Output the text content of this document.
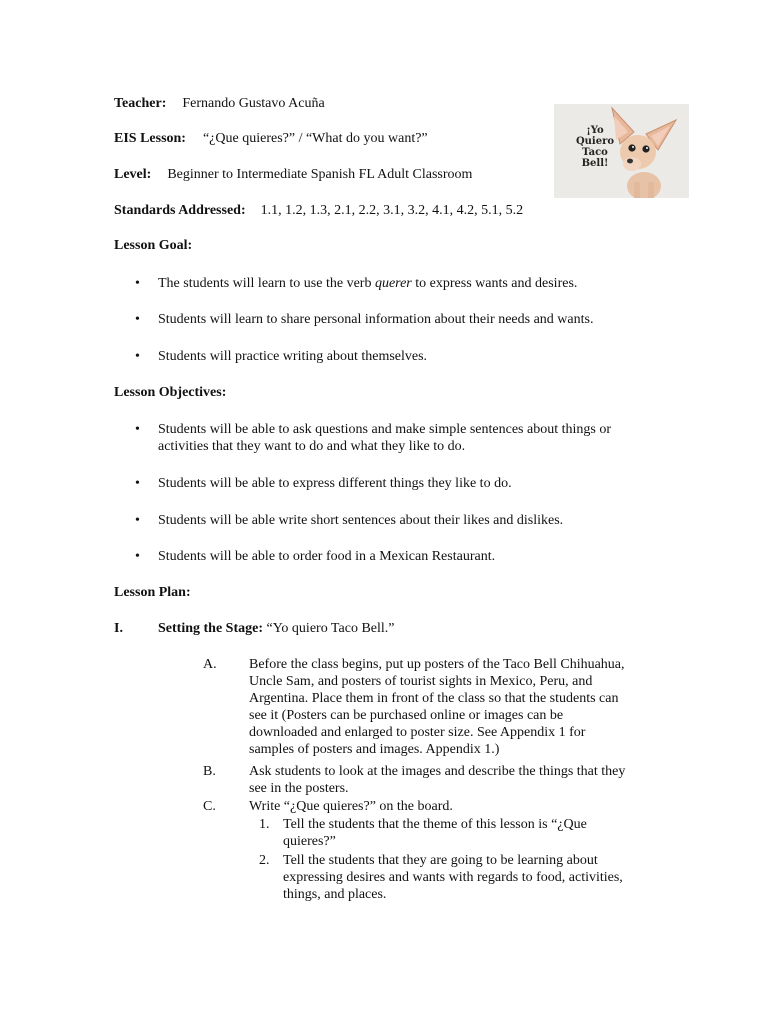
Teacher: Fernando Gustavo Acuña
EIS Lesson: “¿Que quieres?” / “What do you want?”
Level: Beginner to Intermediate Spanish FL Adult Classroom
Standards Addressed: 1.1, 1.2, 1.3, 2.1, 2.2, 3.1, 3.2, 4.1, 4.2, 5.1, 5.2
¡Yo Quiero
Taco Bell!
Lesson Goal:
•	The students will learn to use the verb querer to express wants and desires.
•	Students will learn to share personal information about their needs and wants.
•	Students will practice writing about themselves.
Lesson Objectives:
•	Students will be able to ask questions and make simple sentences about things or activities that they want to do and what they like to do.
•	Students will be able to express different things they like to do.
•	Students will be able write short sentences about their likes and dislikes.
•	Students will be able to order food in a Mexican Restaurant.
Lesson Plan:
I.	Setting the Stage: “Yo quiero Taco Bell.”
A. Before the class begins, put up posters of the Taco Bell Chihuahua,
Uncle Sam, and posters of tourist sights in Mexico, Peru, and
Argentina. Place them in front of the class so that the students can
see it (Posters can be purchased online or images can be
downloaded and enlarged to poster size. See Appendix 1 for
samples of posters and images. Appendix 1.)
B. Ask students to look at the images and describe the things that they
see in the posters.
C. Write “¿Que quieres?” on the board.
1. Tell the students that the theme of this lesson is “¿Que
quieres?”
2. Tell the students that they are going to be learning about
expressing desires and wants with regards to food, activities,
things, and places.
